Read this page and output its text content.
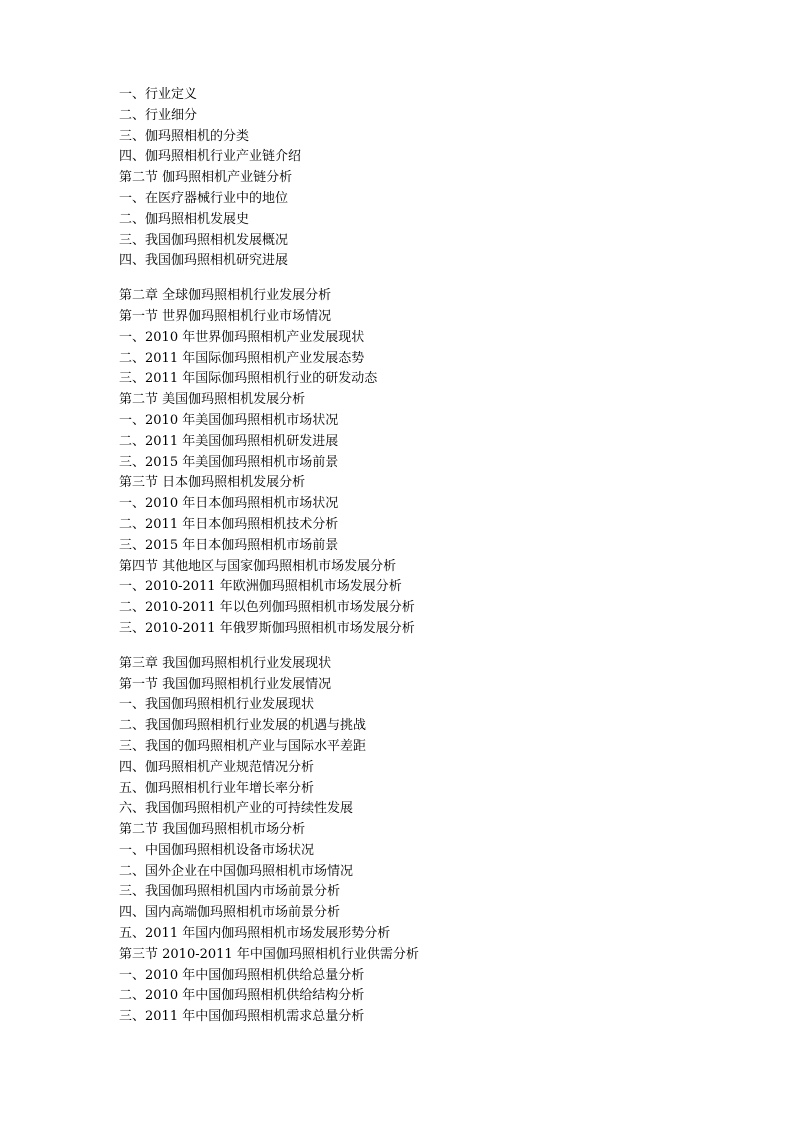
一、行业定义
二、行业细分
三、伽玛照相机的分类
四、伽玛照相机行业产业链介绍
第二节 伽玛照相机产业链分析
一、在医疗器械行业中的地位
二、伽玛照相机发展史
三、我国伽玛照相机发展概况
四、我国伽玛照相机研究进展
第二章 全球伽玛照相机行业发展分析
第一节 世界伽玛照相机行业市场情况
一、2010 年世界伽玛照相机产业发展现状
二、2011 年国际伽玛照相机产业发展态势
三、2011 年国际伽玛照相机行业的研发动态
第二节 美国伽玛照相机发展分析
一、2010 年美国伽玛照相机市场状况
二、2011 年美国伽玛照相机研发进展
三、2015 年美国伽玛照相机市场前景
第三节 日本伽玛照相机发展分析
一、2010 年日本伽玛照相机市场状况
二、2011 年日本伽玛照相机技术分析
三、2015 年日本伽玛照相机市场前景
第四节 其他地区与国家伽玛照相机市场发展分析
一、2010-2011 年欧洲伽玛照相机市场发展分析
二、2010-2011 年以色列伽玛照相机市场发展分析
三、2010-2011 年俄罗斯伽玛照相机市场发展分析
第三章 我国伽玛照相机行业发展现状
第一节 我国伽玛照相机行业发展情况
一、我国伽玛照相机行业发展现状
二、我国伽玛照相机行业发展的机遇与挑战
三、我国的伽玛照相机产业与国际水平差距
四、伽玛照相机产业规范情况分析
五、伽玛照相机行业年增长率分析
六、我国伽玛照相机产业的可持续性发展
第二节 我国伽玛照相机市场分析
一、中国伽玛照相机设备市场状况
二、国外企业在中国伽玛照相机市场情况
三、我国伽玛照相机国内市场前景分析
四、国内高端伽玛照相机市场前景分析
五、2011 年国内伽玛照相机市场发展形势分析
第三节 2010-2011 年中国伽玛照相机行业供需分析
一、2010 年中国伽玛照相机供给总量分析
二、2010 年中国伽玛照相机供给结构分析
三、2011 年中国伽玛照相机需求总量分析
